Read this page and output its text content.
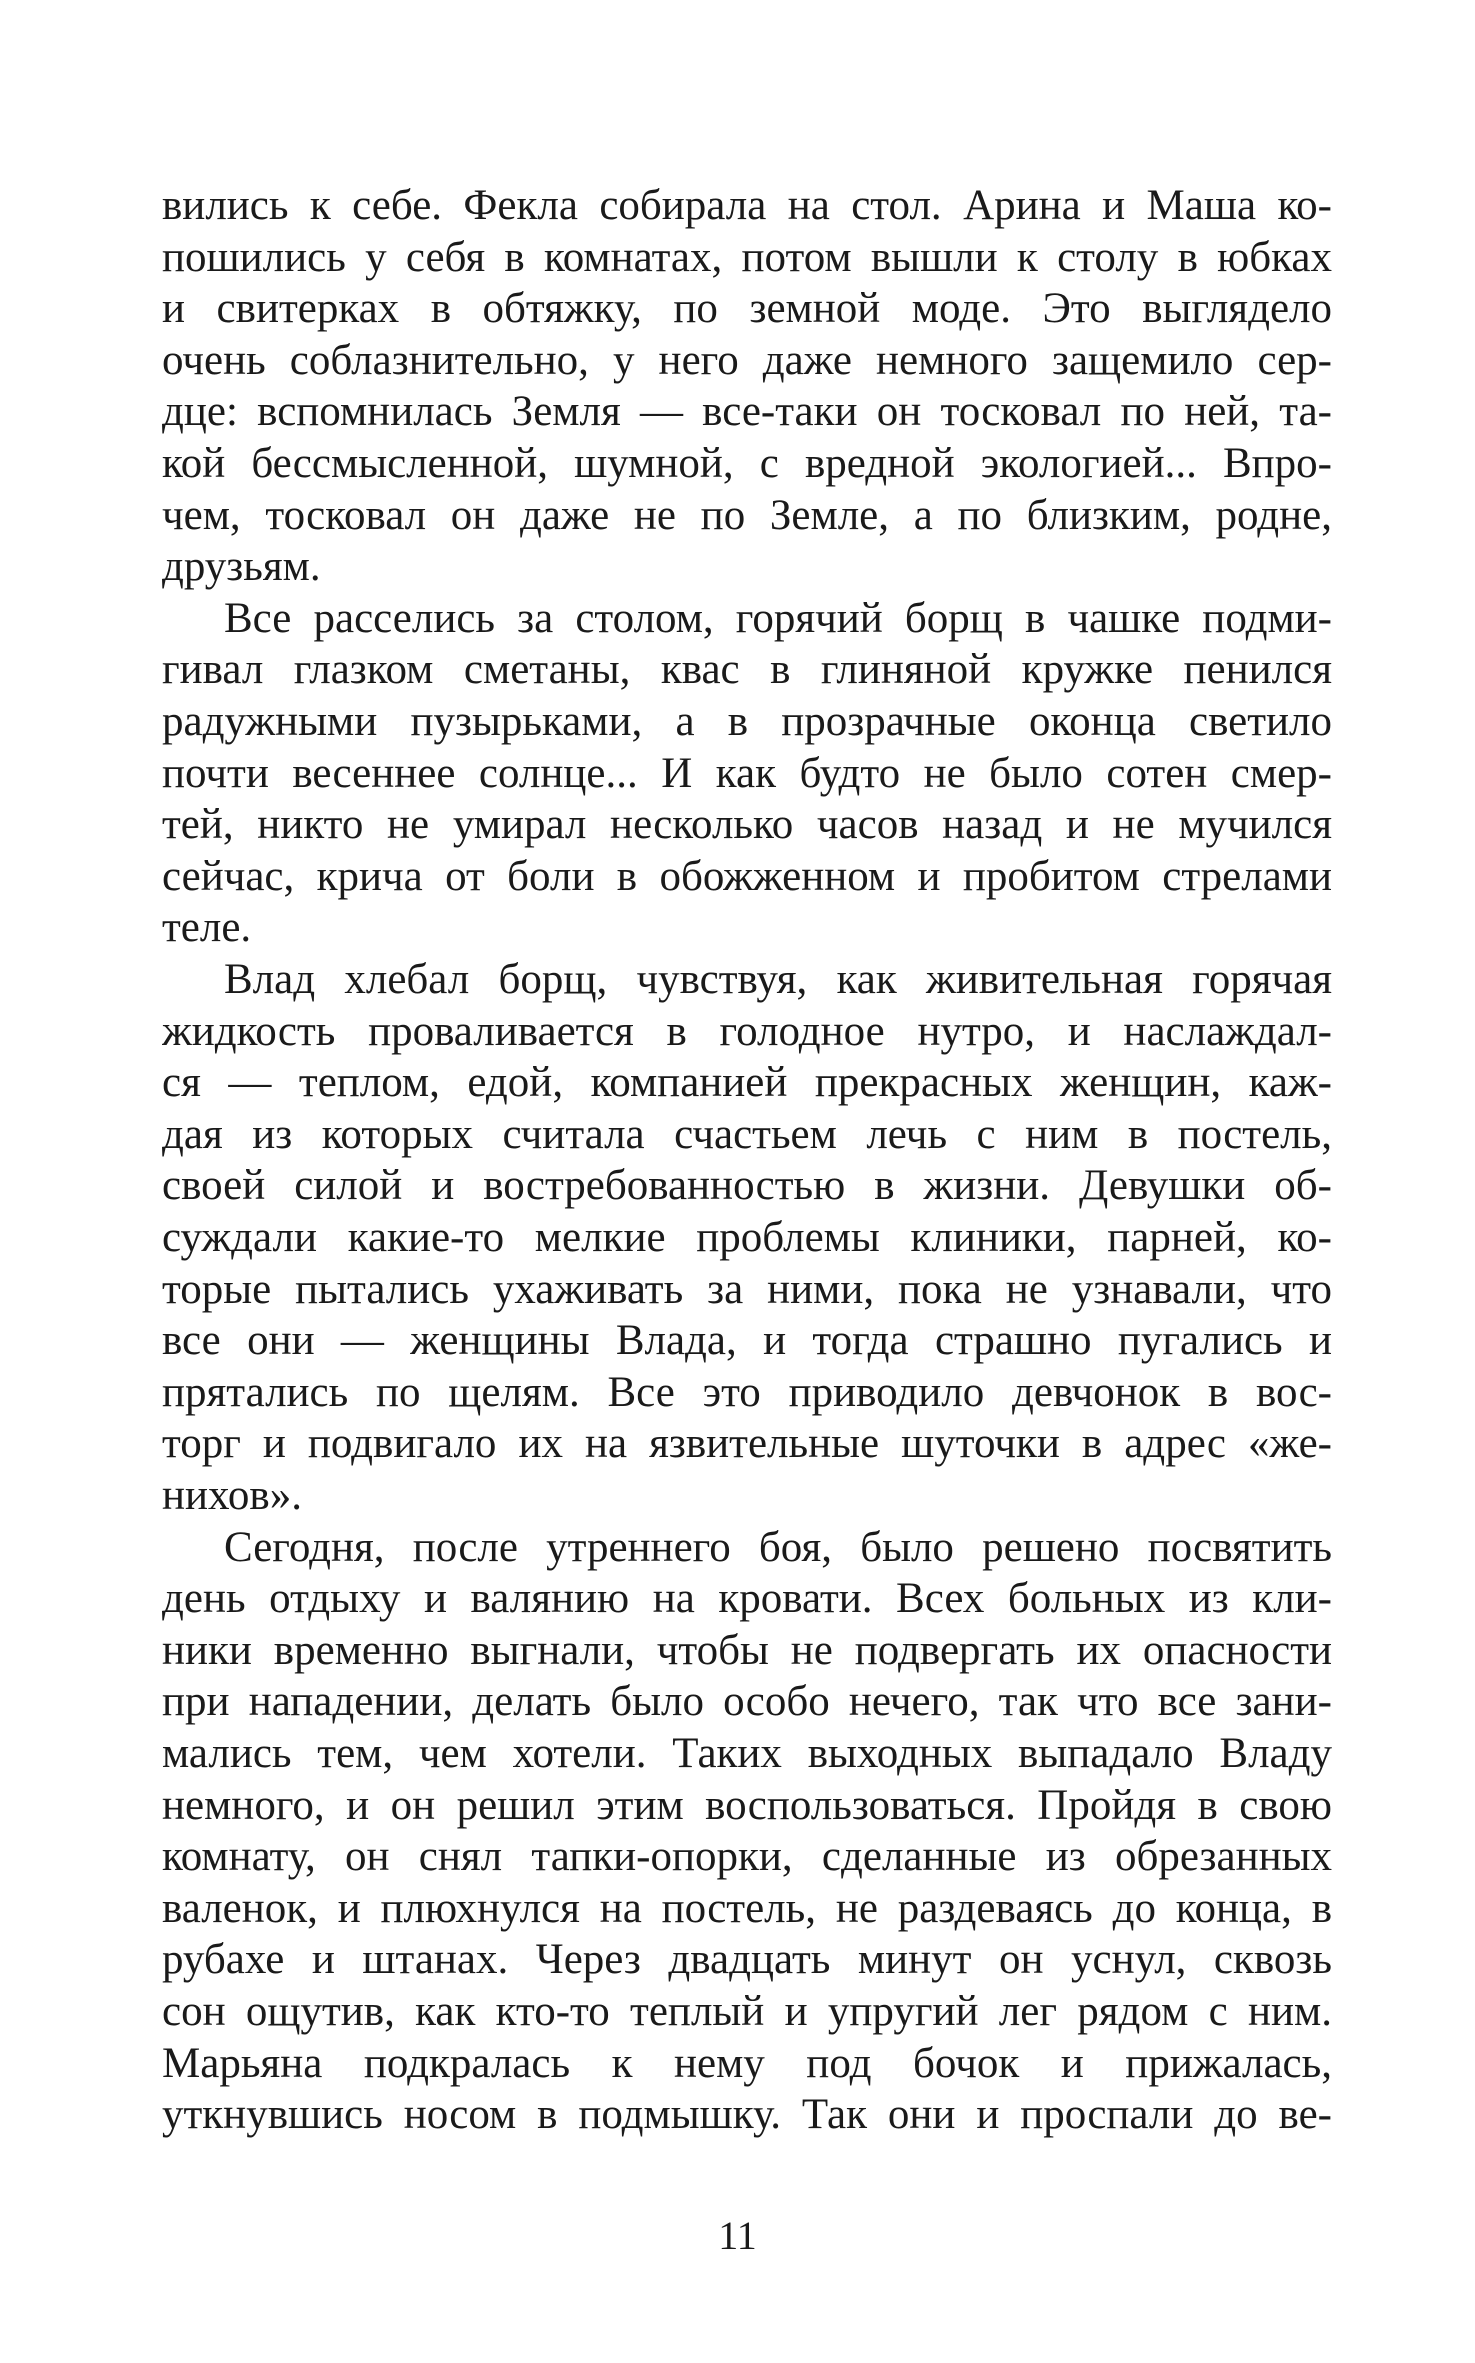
вились к себе. Фекла собирала на стол. Арина и Маша ко-
пошились у себя в комнатах, потом вышли к столу в юбках
и свитерках в обтяжку, по земной моде. Это выглядело
очень соблазнительно, у него даже немного защемило сер-
дце: вспомнилась Земля — все-таки он тосковал по ней, та-
кой бессмысленной, шумной, с вредной экологией... Впро-
чем, тосковал он даже не по Земле, а по близким, родне,
друзьям.
Все расселись за столом, горячий борщ в чашке подми-
гивал глазком сметаны, квас в глиняной кружке пенился
радужными пузырьками, а в прозрачные оконца светило
почти весеннее солнце... И как будто не было сотен смер-
тей, никто не умирал несколько часов назад и не мучился
сейчас, крича от боли в обожженном и пробитом стрелами
теле.
Влад хлебал борщ, чувствуя, как живительная горячая
жидкость проваливается в голодное нутро, и наслаждал-
ся — теплом, едой, компанией прекрасных женщин, каж-
дая из которых считала счастьем лечь с ним в постель,
своей силой и востребованностью в жизни. Девушки об-
суждали какие-то мелкие проблемы клиники, парней, ко-
торые пытались ухаживать за ними, пока не узнавали, что
все они — женщины Влада, и тогда страшно пугались и
прятались по щелям. Все это приводило девчонок в вос-
торг и подвигало их на язвительные шуточки в адрес «же-
нихов».
Сегодня, после утреннего боя, было решено посвятить
день отдыху и валянию на кровати. Всех больных из кли-
ники временно выгнали, чтобы не подвергать их опасности
при нападении, делать было особо нечего, так что все зани-
мались тем, чем хотели. Таких выходных выпадало Владу
немного, и он решил этим воспользоваться. Пройдя в свою
комнату, он снял тапки-опорки, сделанные из обрезанных
валенок, и плюхнулся на постель, не раздеваясь до конца, в
рубахе и штанах. Через двадцать минут он уснул, сквозь
сон ощутив, как кто-то теплый и упругий лег рядом с ним.
Марьяна подкралась к нему под бочок и прижалась,
уткнувшись носом в подмышку. Так они и проспали до ве-
11
